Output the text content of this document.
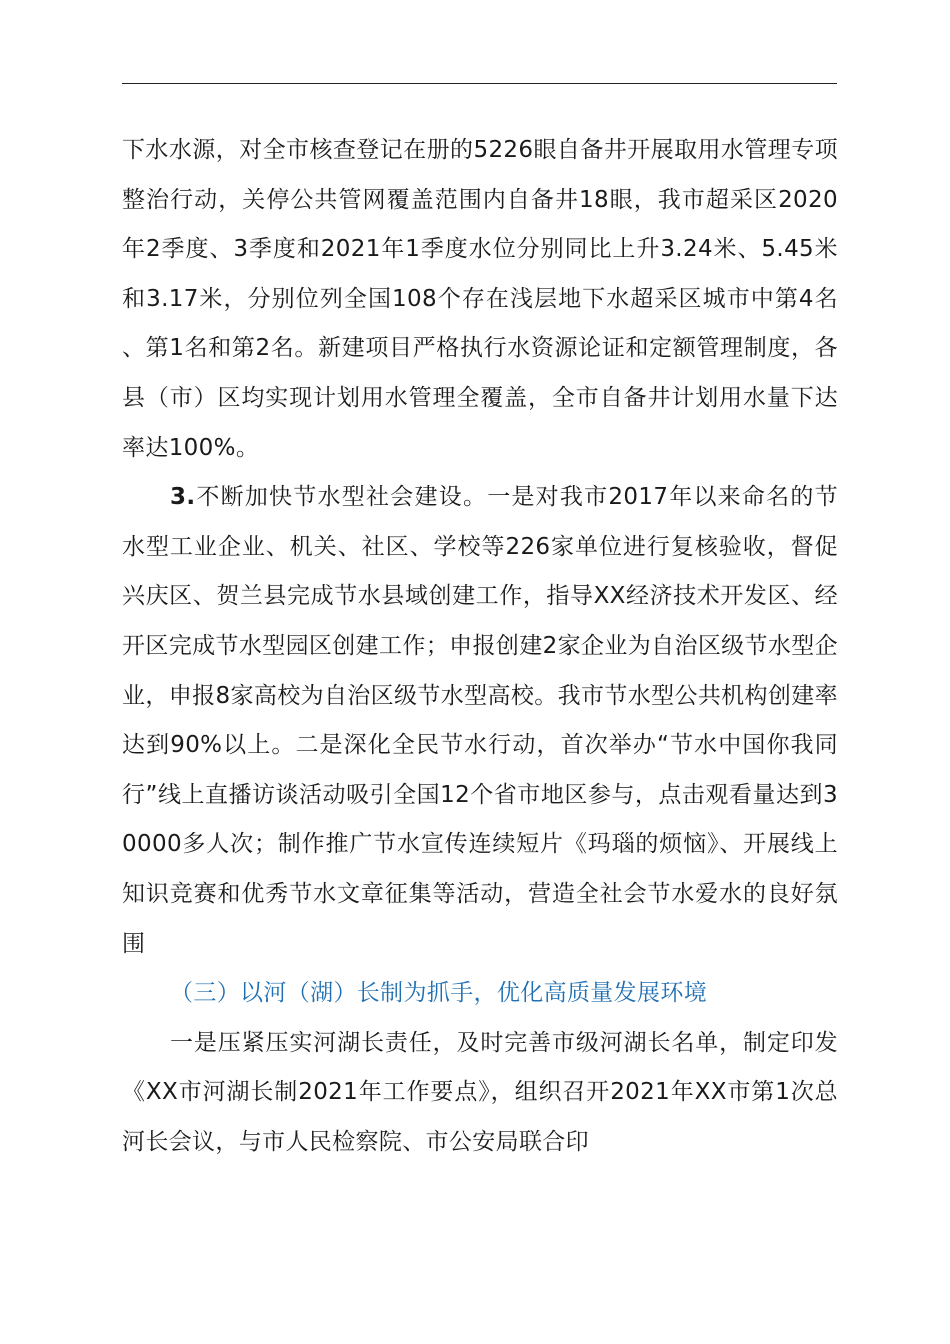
下水水源，对全市核查登记在册的5226眼自备井开展取用水管理专项整治行动，关停公共管网覆盖范围内自备井18眼，我市超采区2020年2季度、3季度和2021年1季度水位分别同比上升3.24米、5.45米和3.17米，分别位列全国108个存在浅层地下水超采区城市中第4名、第1名和第2名。新建项目严格执行水资源论证和定额管理制度，各县（市）区均实现计划用水管理全覆盖，全市自备井计划用水量下达率达100%。

3.不断加快节水型社会建设。一是对我市2017年以来命名的节水型工业企业、机关、社区、学校等226家单位进行复核验收，督促兴庆区、贺兰县完成节水县域创建工作，指导XX经济技术开发区、经开区完成节水型园区创建工作；申报创建2家企业为自治区级节水型企业，申报8家高校为自治区级节水型高校。我市节水型公共机构创建率达到90%以上。二是深化全民节水行动，首次举办“节水中国你我同行”线上直播访谈活动吸引全国12个省市地区参与，点击观看量达到30000多人次；制作推广节水宣传连续短片《玛瑙的烦恼》、开展线上知识竞赛和优秀节水文章征集等活动，营造全社会节水爱水的良好氛围

（三）以河（湖）长制为抓手，优化高质量发展环境

一是压紧压实河湖长责任，及时完善市级河湖长名单，制定印发《XX市河湖长制2021年工作要点》，组织召开2021年XX市第1次总河长会议，与市人民检察院、市公安局联合印
